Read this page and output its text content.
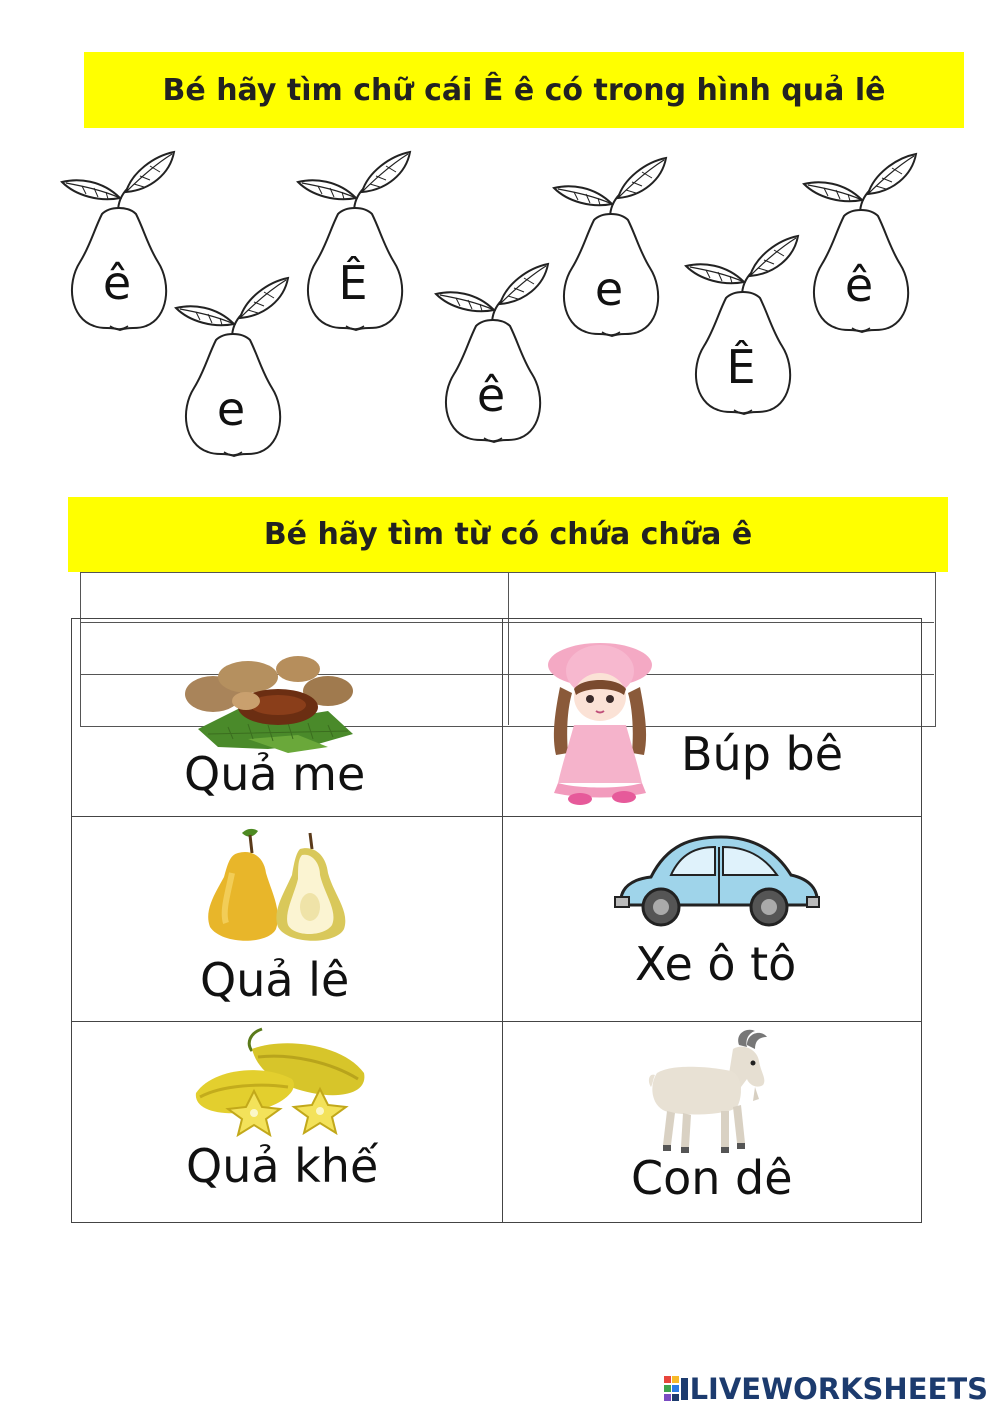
Bé hãy tìm chữ cái Ê ê có trong hình quả lê
ê
e
Ê
ê
e
Ê
ê
Bé hãy tìm từ có chứa chữa ê
Quả me	Búp bê
Quả lê	Xe ô tô
Quả khế	Con dê
LIVEWORKSHEETS
